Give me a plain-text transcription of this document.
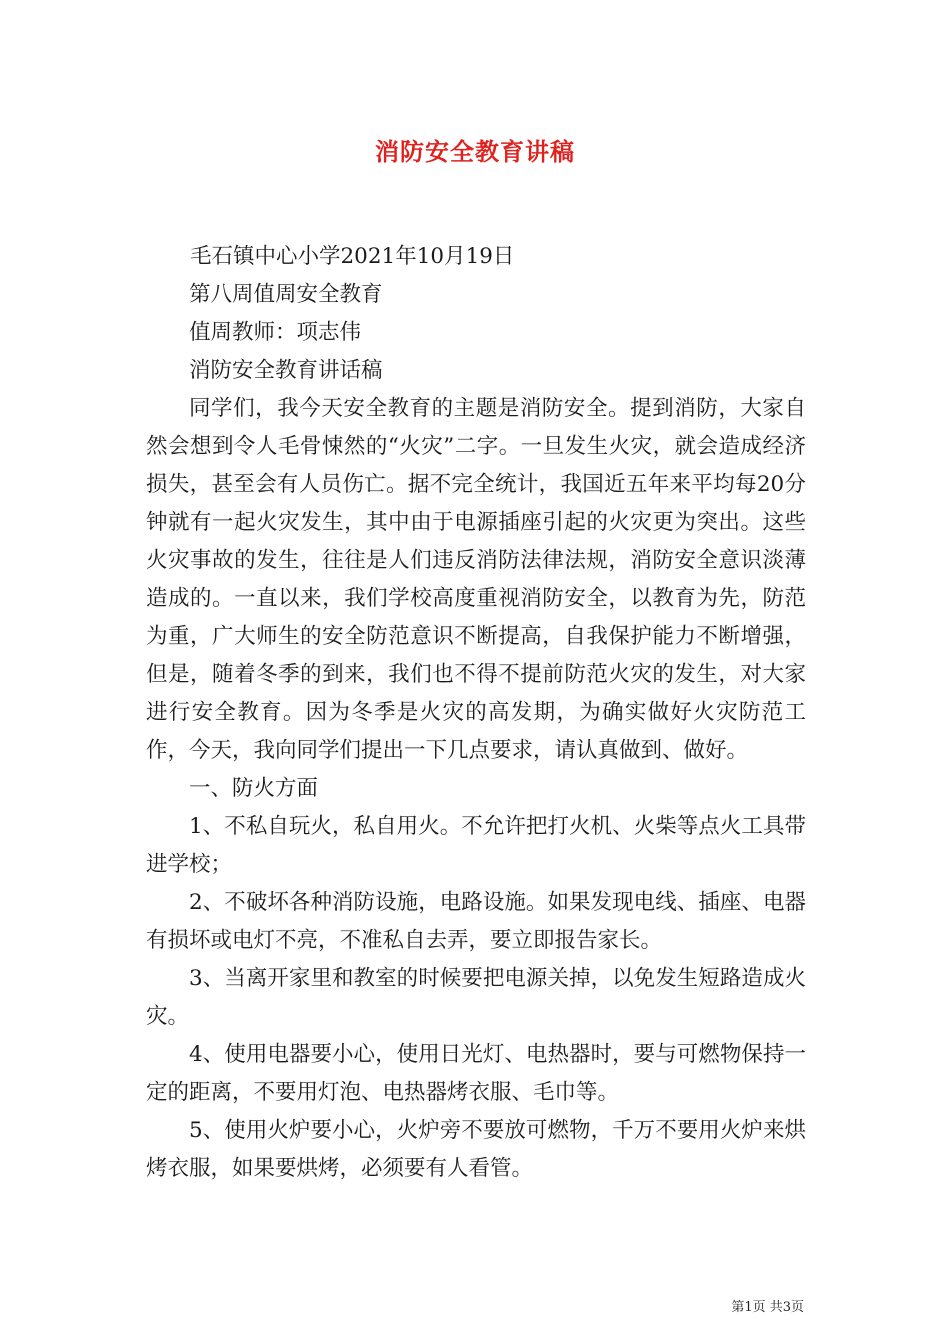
消防安全教育讲稿

毛石镇中心小学2021年10月19日

第八周值周安全教育

值周教师：项志伟

消防安全教育讲话稿

同学们，我今天安全教育的主题是消防安全。提到消防，大家自然会想到令人毛骨悚然的“火灾”二字。一旦发生火灾，就会造成经济损失，甚至会有人员伤亡。据不完全统计，我国近五年来平均每20分钟就有一起火灾发生，其中由于电源插座引起的火灾更为突出。这些火灾事故的发生，往往是人们违反消防法律法规，消防安全意识淡薄造成的。一直以来，我们学校高度重视消防安全，以教育为先，防范为重，广大师生的安全防范意识不断提高，自我保护能力不断增强，但是，随着冬季的到来，我们也不得不提前防范火灾的发生，对大家进行安全教育。因为冬季是火灾的高发期，为确实做好火灾防范工作，今天，我向同学们提出一下几点要求，请认真做到、做好。

一、防火方面

1、不私自玩火，私自用火。不允许把打火机、火柴等点火工具带进学校；

2、不破坏各种消防设施，电路设施。如果发现电线、插座、电器有损坏或电灯不亮，不准私自去弄，要立即报告家长。

3、当离开家里和教室的时候要把电源关掉，以免发生短路造成火灾。

4、使用电器要小心，使用日光灯、电热器时，要与可燃物保持一定的距离，不要用灯泡、电热器烤衣服、毛巾等。

5、使用火炉要小心，火炉旁不要放可燃物，千万不要用火炉来烘烤衣服，如果要烘烤，必须要有人看管。

第1页 共3页
